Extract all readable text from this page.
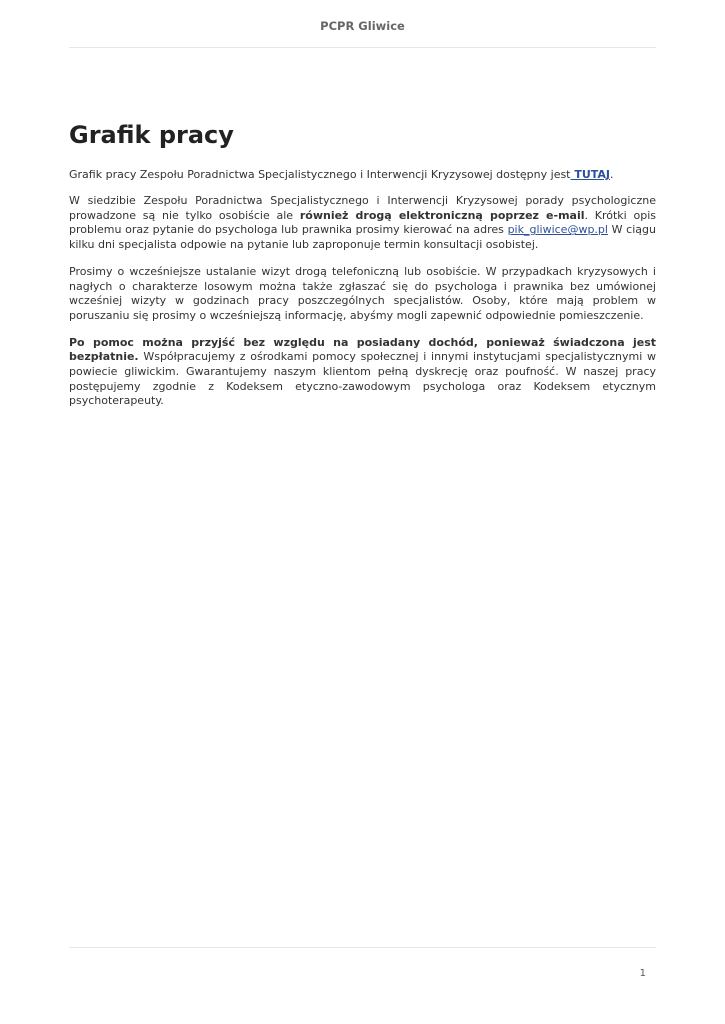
PCPR Gliwice
Grafik pracy

Grafik pracy Zespołu Poradnictwa Specjalistycznego i Interwencji Kryzysowej dostępny jest TUTAJ.

W siedzibie Zespołu Poradnictwa Specjalistycznego i Interwencji Kryzysowej porady psychologiczne prowadzone są nie tylko osobiście ale również drogą elektroniczną poprzez e-mail. Krótki opis problemu oraz pytanie do psychologa lub prawnika prosimy kierować na adres pik_gliwice@wp.pl W ciągu kilku dni specjalista odpowie na pytanie lub zaproponuje termin konsultacji osobistej.

Prosimy o wcześniejsze ustalanie wizyt drogą telefoniczną lub osobiście. W przypadkach kryzysowych i nagłych o charakterze losowym można także zgłaszać się do psychologa i prawnika bez umówionej wcześniej wizyty w godzinach pracy poszczególnych specjalistów. Osoby, które mają problem w poruszaniu się prosimy o wcześniejszą informację, abyśmy mogli zapewnić odpowiednie pomieszczenie.

Po pomoc można przyjść bez względu na posiadany dochód, ponieważ świadczona jest bezpłatnie. Współpracujemy z ośrodkami pomocy społecznej i innymi instytucjami specjalistycznymi w powiecie gliwickim. Gwarantujemy naszym klientom pełną dyskrecję oraz poufność. W naszej pracy postępujemy zgodnie z Kodeksem etyczno-zawodowym psychologa oraz Kodeksem etycznym psychoterapeuty.

1
